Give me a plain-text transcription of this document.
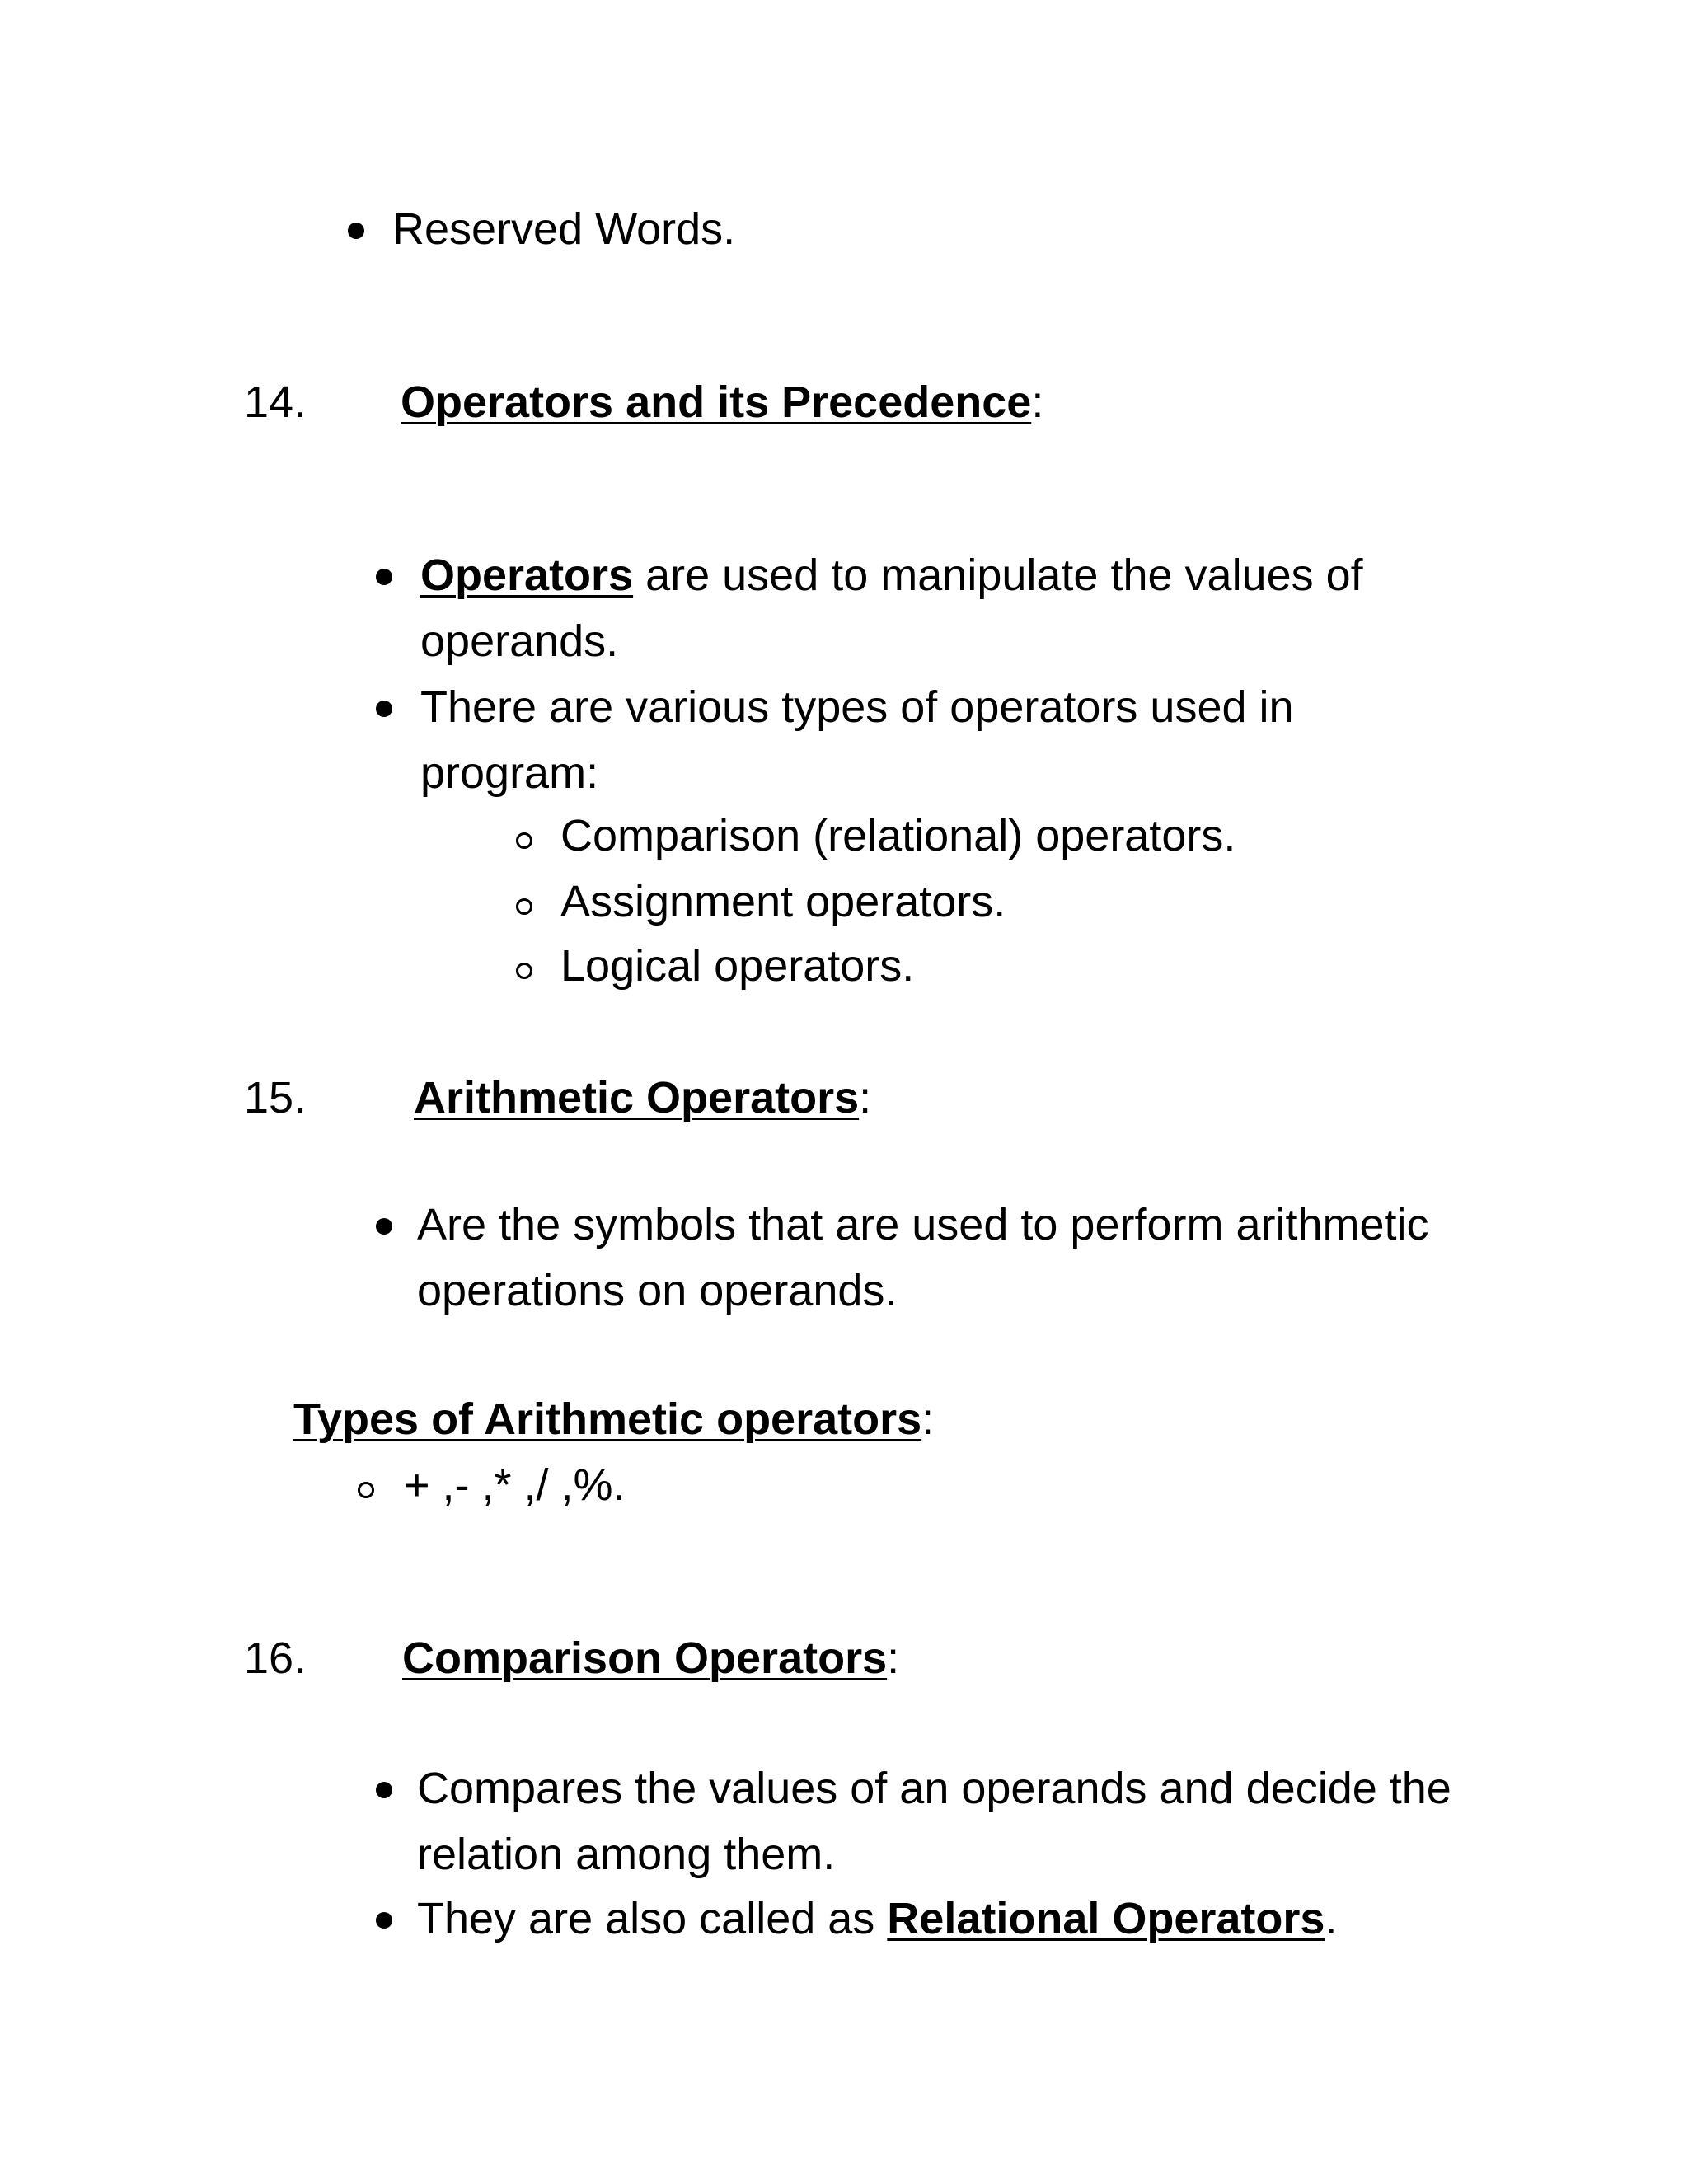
Reserved Words.
14. Operators and its Precedence:
Operators are used to manipulate the values of
operands.
There are various types of operators used in
program:
Comparison (relational) operators.
Assignment operators.
Logical operators.
15. Arithmetic Operators:
Are the symbols that are used to perform arithmetic
operations on operands.
Types of Arithmetic operators:
+ ,- ,* ,/ ,%.
16. Comparison Operators:
Compares the values of an operands and decide the
relation among them.
They are also called as Relational Operators.
